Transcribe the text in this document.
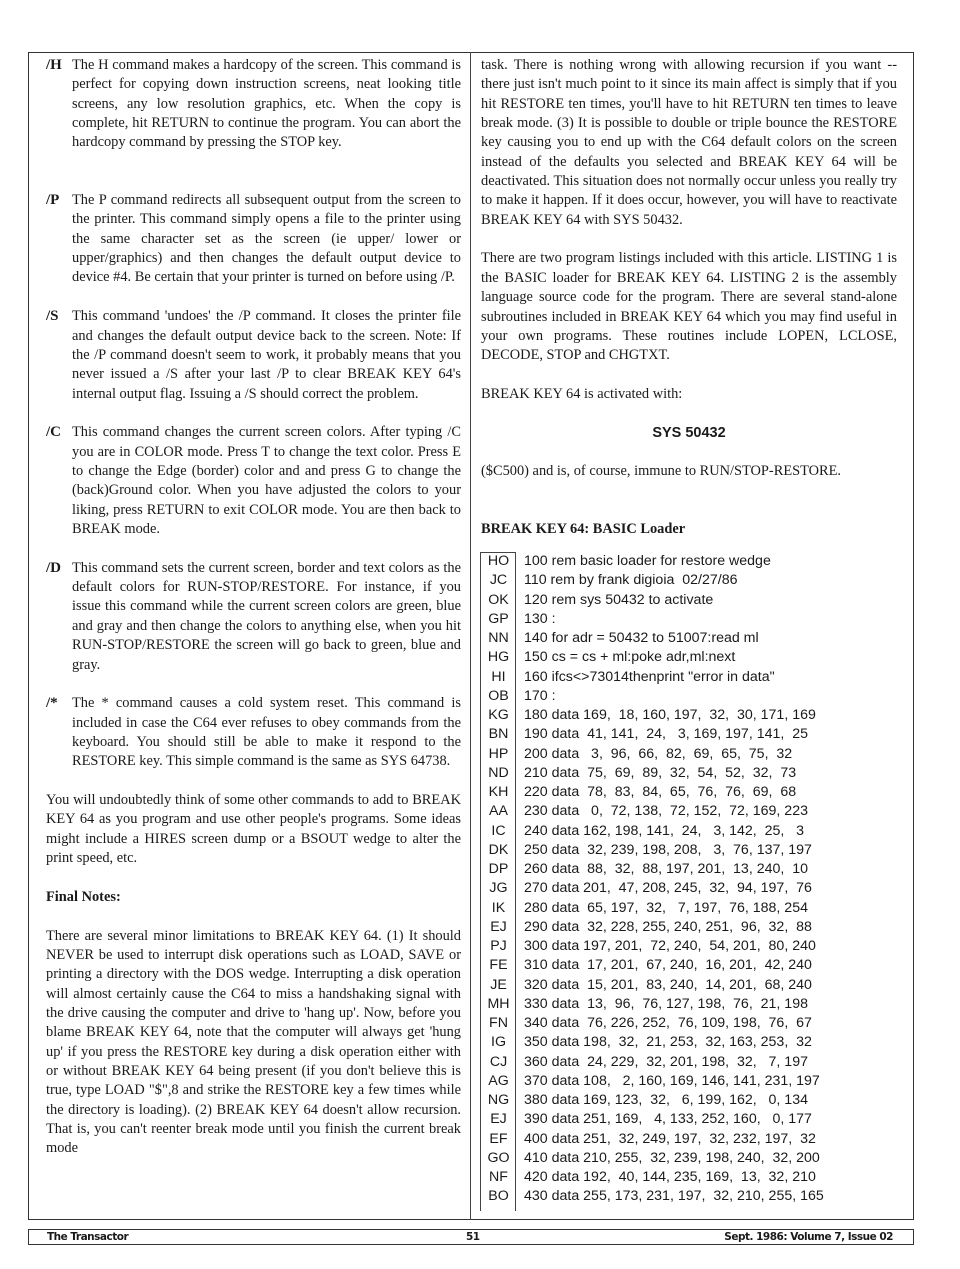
/H The H command makes a hardcopy of the screen. This command is perfect for copying down instruction screens, neat looking title screens, any low resolution graphics, etc. When the copy is complete, hit RETURN to continue the program. You can abort the hardcopy command by pressing the STOP key.
/P The P command redirects all subsequent output from the screen to the printer. This command simply opens a file to the printer using the same character set as the screen (ie upper/ lower or upper/graphics) and then changes the default output device to device #4. Be certain that your printer is turned on before using /P.
/S This command 'undoes' the /P command. It closes the printer file and changes the default output device back to the screen. Note: If the /P command doesn't seem to work, it probably means that you never issued a /S after your last /P to clear BREAK KEY 64's internal output flag. Issuing a /S should correct the problem.
/C This command changes the current screen colors. After typing /C you are in COLOR mode. Press T to change the text color. Press E to change the Edge (border) color and and press G to change the (back)Ground color. When you have adjusted the colors to your liking, press RETURN to exit COLOR mode. You are then back to BREAK mode.
/D This command sets the current screen, border and text colors as the default colors for RUN-STOP/RESTORE. For instance, if you issue this command while the current screen colors are green, blue and gray and then change the colors to anything else, when you hit RUN-STOP/RESTORE the screen will go back to green, blue and gray.
/* The * command causes a cold system reset. This command is included in case the C64 ever refuses to obey commands from the keyboard. You should still be able to make it respond to the RESTORE key. This simple command is the same as SYS 64738.

You will undoubtedly think of some other commands to add to BREAK KEY 64 as you program and use other people's programs. Some ideas might include a HIRES screen dump or a BSOUT wedge to alter the print speed, etc.

Final Notes:

There are several minor limitations to BREAK KEY 64. (1) It should NEVER be used to interrupt disk operations such as LOAD, SAVE or printing a directory with the DOS wedge. Interrupting a disk operation will almost certainly cause the C64 to miss a handshaking signal with the drive causing the computer and drive to 'hang up'. Now, before you blame BREAK KEY 64, note that the computer will always get 'hung up' if you press the RESTORE key during a disk operation either with or without BREAK KEY 64 being present (if you don't believe this is true, type LOAD "$",8 and strike the RESTORE key a few times while the directory is loading). (2) BREAK KEY 64 doesn't allow recursion. That is, you can't reenter break mode until you finish the current break mode

task. There is nothing wrong with allowing recursion if you want -- there just isn't much point to it since its main affect is simply that if you hit RESTORE ten times, you'll have to hit RETURN ten times to leave break mode. (3) It is possible to double or triple bounce the RESTORE key causing you to end up with the C64 default colors on the screen instead of the defaults you selected and BREAK KEY 64 will be deactivated. This situation does not normally occur unless you really try to make it happen. If it does occur, however, you will have to reactivate BREAK KEY 64 with SYS 50432.

There are two program listings included with this article. LISTING 1 is the BASIC loader for BREAK KEY 64. LISTING 2 is the assembly language source code for the program. There are several stand-alone subroutines included in BREAK KEY 64 which you may find useful in your own programs. These routines include LOPEN, LCLOSE, DECODE, STOP and CHGTXT.

BREAK KEY 64 is activated with:

SYS 50432

($C500) and is, of course, immune to RUN/STOP-RESTORE.

BREAK KEY 64: BASIC Loader
HO	100 rem basic loader for restore wedge
JC	110 rem by frank digioia  02/27/86
OK	120 rem sys 50432 to activate
GP	130 :
NN	140 for adr = 50432 to 51007:read ml
HG	150 cs = cs + ml:poke adr,ml:next
HI	160 ifcs<>73014thenprint "error in data"
OB	170 :
KG	180 data 169,  18, 160, 197,  32,  30, 171, 169
BN	190 data  41, 141,  24,   3, 169, 197, 141,  25
HP	200 data   3,  96,  66,  82,  69,  65,  75,  32
ND	210 data  75,  69,  89,  32,  54,  52,  32,  73
KH	220 data  78,  83,  84,  65,  76,  76,  69,  68
AA	230 data   0,  72, 138,  72, 152,  72, 169, 223
IC	240 data 162, 198, 141,  24,   3, 142,  25,   3
DK	250 data  32, 239, 198, 208,   3,  76, 137, 197
DP	260 data  88,  32,  88, 197, 201,  13, 240,  10
JG	270 data 201,  47, 208, 245,  32,  94, 197,  76
IK	280 data  65, 197,  32,   7, 197,  76, 188, 254
EJ	290 data  32, 228, 255, 240, 251,  96,  32,  88
PJ	300 data 197, 201,  72, 240,  54, 201,  80, 240
FE	310 data  17, 201,  67, 240,  16, 201,  42, 240
JE	320 data  15, 201,  83, 240,  14, 201,  68, 240
MH	330 data  13,  96,  76, 127, 198,  76,  21, 198
FN	340 data  76, 226, 252,  76, 109, 198,  76,  67
IG	350 data 198,  32,  21, 253,  32, 163, 253,  32
CJ	360 data  24, 229,  32, 201, 198,  32,   7, 197
AG	370 data 108,   2, 160, 169, 146, 141, 231, 197
NG	380 data 169, 123,  32,   6, 199, 162,   0, 134
EJ	390 data 251, 169,   4, 133, 252, 160,   0, 177
EF	400 data 251,  32, 249, 197,  32, 232, 197,  32
GO	410 data 210, 255,  32, 239, 198, 240,  32, 200
NF	420 data 192,  40, 144, 235, 169,  13,  32, 210
BO	430 data 255, 173, 231, 197,  32, 210, 255, 165
The Transactor	51	Sept. 1986: Volume 7, Issue 02
